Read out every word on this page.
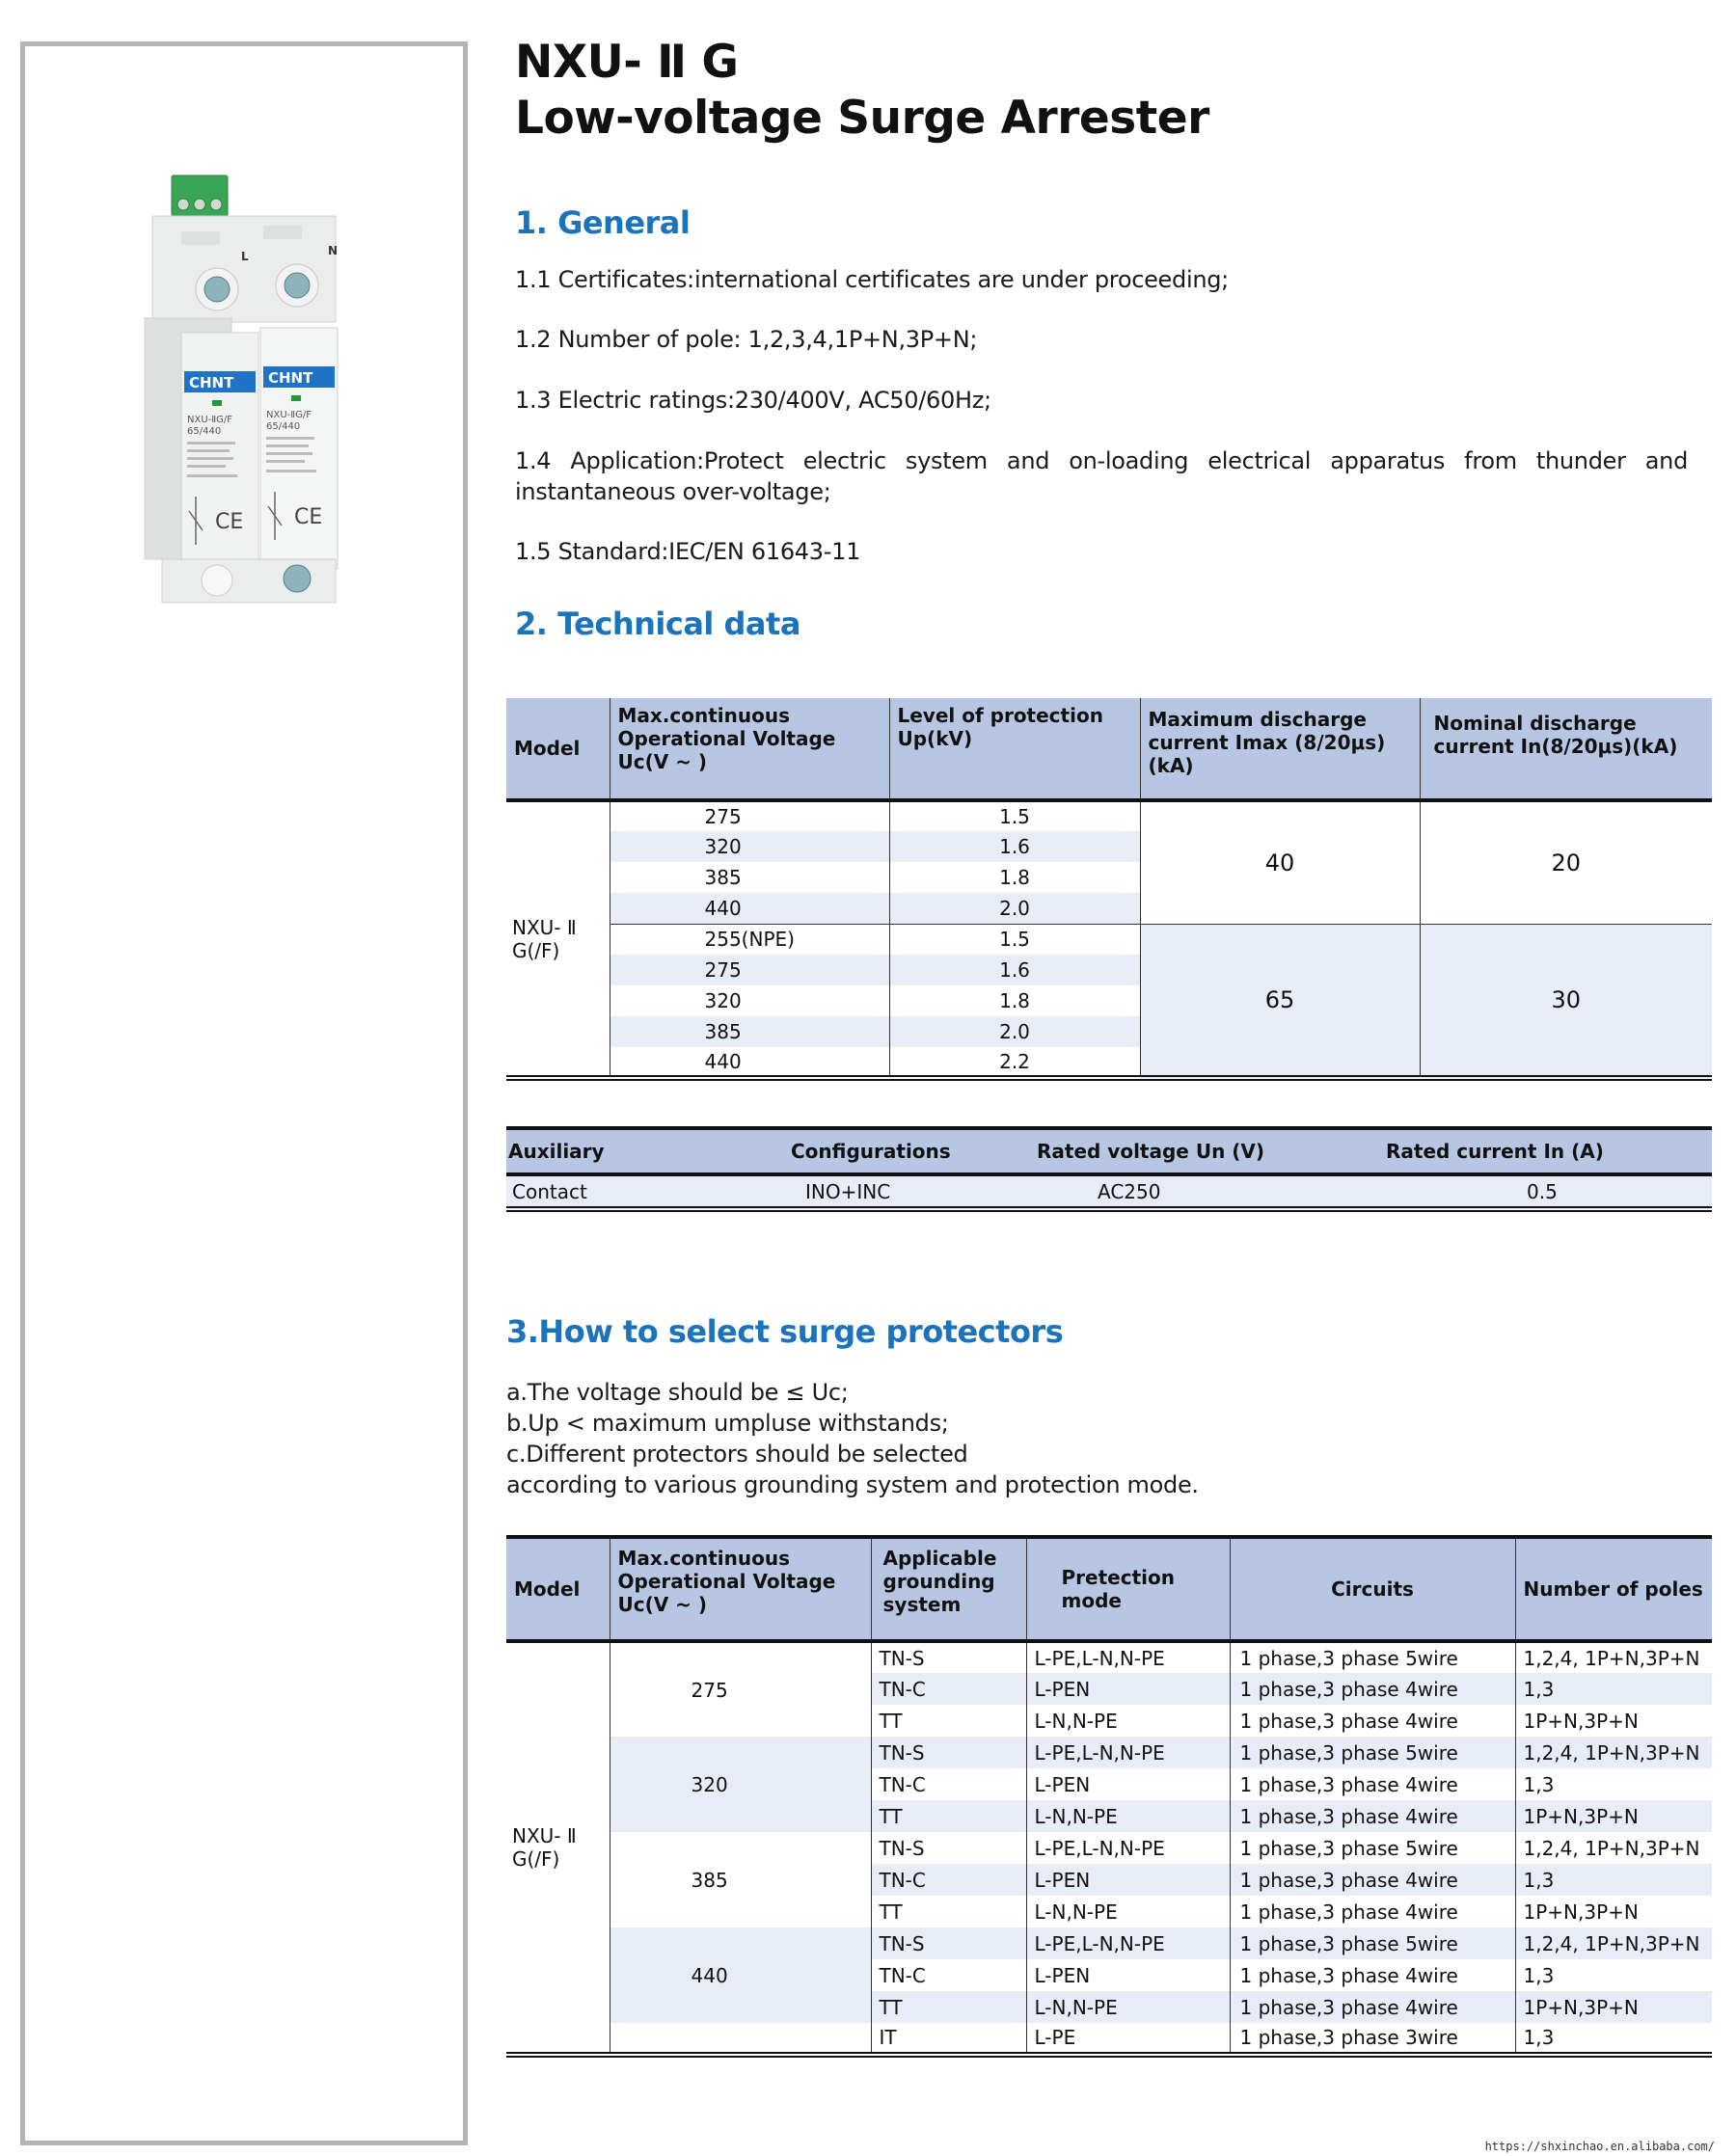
L	N
CHNT CHNT
NXU-ⅡG/F	NXU-ⅡG/F
65/440	65/440
CE CE
NXU- Ⅱ G
Low-voltage Surge Arrester
1. General
1.1 Certificates:international certificates are under proceeding;
1.2 Number of pole: 1,2,3,4,1P+N,3P+N;
1.3 Electric ratings:230/400V, AC50/60Hz;
1.4 Application:Protect electric system and on-loading electrical apparatus from thunder and instantaneous over-voltage;
1.5 Standard:IEC/EN 61643-11
2. Technical data
Model	Max.continuous Operational Voltage Uc(V ~ )	Level of protection Up(kV)	Maximum discharge current Imax (8/20μs)(kA)	Nominal discharge current In(8/20μs)(kA)
NXU- Ⅱ G(/F)	275	1.5	40	20
	320	1.6		
	385	1.8		
	440	2.0		
	255(NPE)	1.5	65	30
	275	1.6		
	320	1.8		
	385	2.0		
	440	2.2		
Auxiliary	Configurations	Rated voltage Un (V)	Rated current In (A)
Contact	INO+INC	AC250	0.5
3.How to select surge protectors
a.The voltage should be ≤ Uc;
b.Up < maximum umpluse withstands;
c.Different protectors should be selected
according to various grounding system and protection mode.
Model	Max.continuous Operational Voltage Uc(V ~ )	Applicable grounding system	Pretection mode	Circuits	Number of poles
NXU- Ⅱ G(/F)	275	TN-S	L-PE,L-N,N-PE	1 phase,3 phase 5wire	1,2,4, 1P+N,3P+N
		TN-C	L-PEN	1 phase,3 phase 4wire	1,3
		TT	L-N,N-PE	1 phase,3 phase 4wire	1P+N,3P+N
	320	TN-S	L-PE,L-N,N-PE	1 phase,3 phase 5wire	1,2,4, 1P+N,3P+N
		TN-C	L-PEN	1 phase,3 phase 4wire	1,3
		TT	L-N,N-PE	1 phase,3 phase 4wire	1P+N,3P+N
	385	TN-S	L-PE,L-N,N-PE	1 phase,3 phase 5wire	1,2,4, 1P+N,3P+N
		TN-C	L-PEN	1 phase,3 phase 4wire	1,3
		TT	L-N,N-PE	1 phase,3 phase 4wire	1P+N,3P+N
	440	TN-S	L-PE,L-N,N-PE	1 phase,3 phase 5wire	1,2,4, 1P+N,3P+N
		TN-C	L-PEN	1 phase,3 phase 4wire	1,3
		TT	L-N,N-PE	1 phase,3 phase 4wire	1P+N,3P+N
		IT	L-PE	1 phase,3 phase 3wire	1,3
https://shxinchao.en.alibaba.com/
